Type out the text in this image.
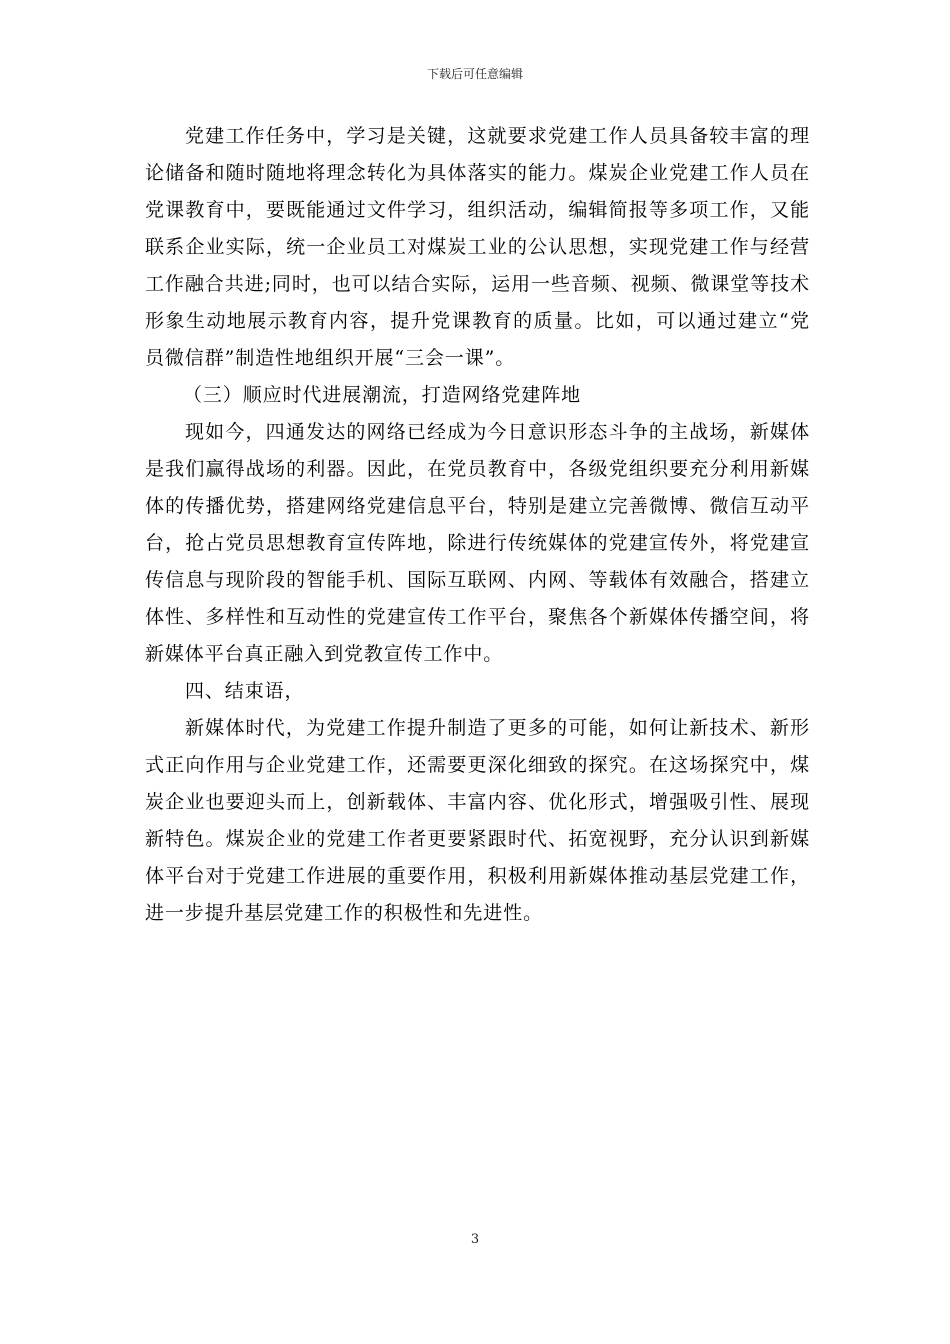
下载后可任意编辑

党建工作任务中，学习是关键，这就要求党建工作人员具备较丰富的理论储备和随时随地将理念转化为具体落实的能力。煤炭企业党建工作人员在党课教育中，要既能通过文件学习，组织活动，编辑简报等多项工作，又能联系企业实际，统一企业员工对煤炭工业的公认思想，实现党建工作与经营工作融合共进;同时，也可以结合实际，运用一些音频、视频、微课堂等技术形象生动地展示教育内容，提升党课教育的质量。比如，可以通过建立“党员微信群”制造性地组织开展“三会一课”。

（三）顺应时代进展潮流，打造网络党建阵地

现如今，四通发达的网络已经成为今日意识形态斗争的主战场，新媒体是我们赢得战场的利器。因此，在党员教育中，各级党组织要充分利用新媒体的传播优势，搭建网络党建信息平台，特别是建立完善微博、微信互动平台，抢占党员思想教育宣传阵地，除进行传统媒体的党建宣传外，将党建宣传信息与现阶段的智能手机、国际互联网、内网、等载体有效融合，搭建立体性、多样性和互动性的党建宣传工作平台，聚焦各个新媒体传播空间，将新媒体平台真正融入到党教宣传工作中。

四、结束语，

新媒体时代，为党建工作提升制造了更多的可能，如何让新技术、新形式正向作用与企业党建工作，还需要更深化细致的探究。在这场探究中，煤炭企业也要迎头而上，创新载体、丰富内容、优化形式，增强吸引性、展现新特色。煤炭企业的党建工作者更要紧跟时代、拓宽视野，充分认识到新媒体平台对于党建工作进展的重要作用，积极利用新媒体推动基层党建工作，进一步提升基层党建工作的积极性和先进性。

3
